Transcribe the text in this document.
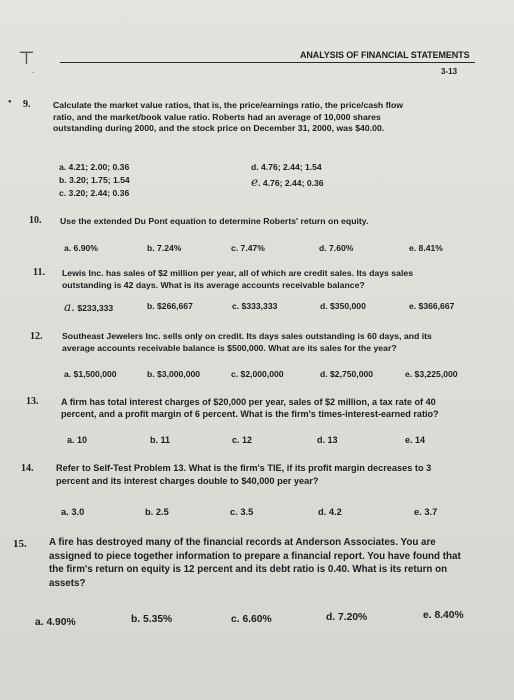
⊤
.
ANALYSIS OF FINANCIAL STATEMENTS
3-13
• 9.	Calculate the market value ratios, that is, the price/earnings ratio, the price/cash flow
ratio, and the market/book value ratio. Roberts had an average of 10,000 shares
outstanding during 2000, and the stock price on December 31, 2000, was $40.00.
a. 4.21; 2.00; 0.36
b. 3.20; 1.75; 1.54
c. 3.20; 2.44; 0.36
d. 4.76; 2.44; 1.54
e. 4.76; 2.44; 0.36
10. Use the extended Du Pont equation to determine Roberts' return on equity.
a. 6.90%	b. 7.24%	c. 7.47%	d. 7.60%	e. 8.41%
11. Lewis Inc. has sales of $2 million per year, all of which are credit sales. Its days sales
outstanding is 42 days. What is its average accounts receivable balance?
a. $233,333	b. $266,667	c. $333,333	d. $350,000	e. $366,667
12. Southeast Jewelers Inc. sells only on credit. Its days sales outstanding is 60 days, and its
average accounts receivable balance is $500,000. What are its sales for the year?
a. $1,500,000	b. $3,000,000	c. $2,000,000	d. $2,750,000	e. $3,225,000
13. A firm has total interest charges of $20,000 per year, sales of $2 million, a tax rate of 40
percent, and a profit margin of 6 percent. What is the firm's times-interest-earned ratio?
a. 10	b. 11	c. 12	d. 13	e. 14
14. Refer to Self-Test Problem 13. What is the firm's TIE, if its profit margin decreases to 3
percent and its interest charges double to $40,000 per year?
a. 3.0	b. 2.5	c. 3.5	d. 4.2	e. 3.7
15. A fire has destroyed many of the financial records at Anderson Associates. You are
assigned to piece together information to prepare a financial report. You have found that
the firm's return on equity is 12 percent and its debt ratio is 0.40. What is its return on
assets?
a. 4.90%	b. 5.35%	c. 6.60%	d. 7.20%	e. 8.40%
